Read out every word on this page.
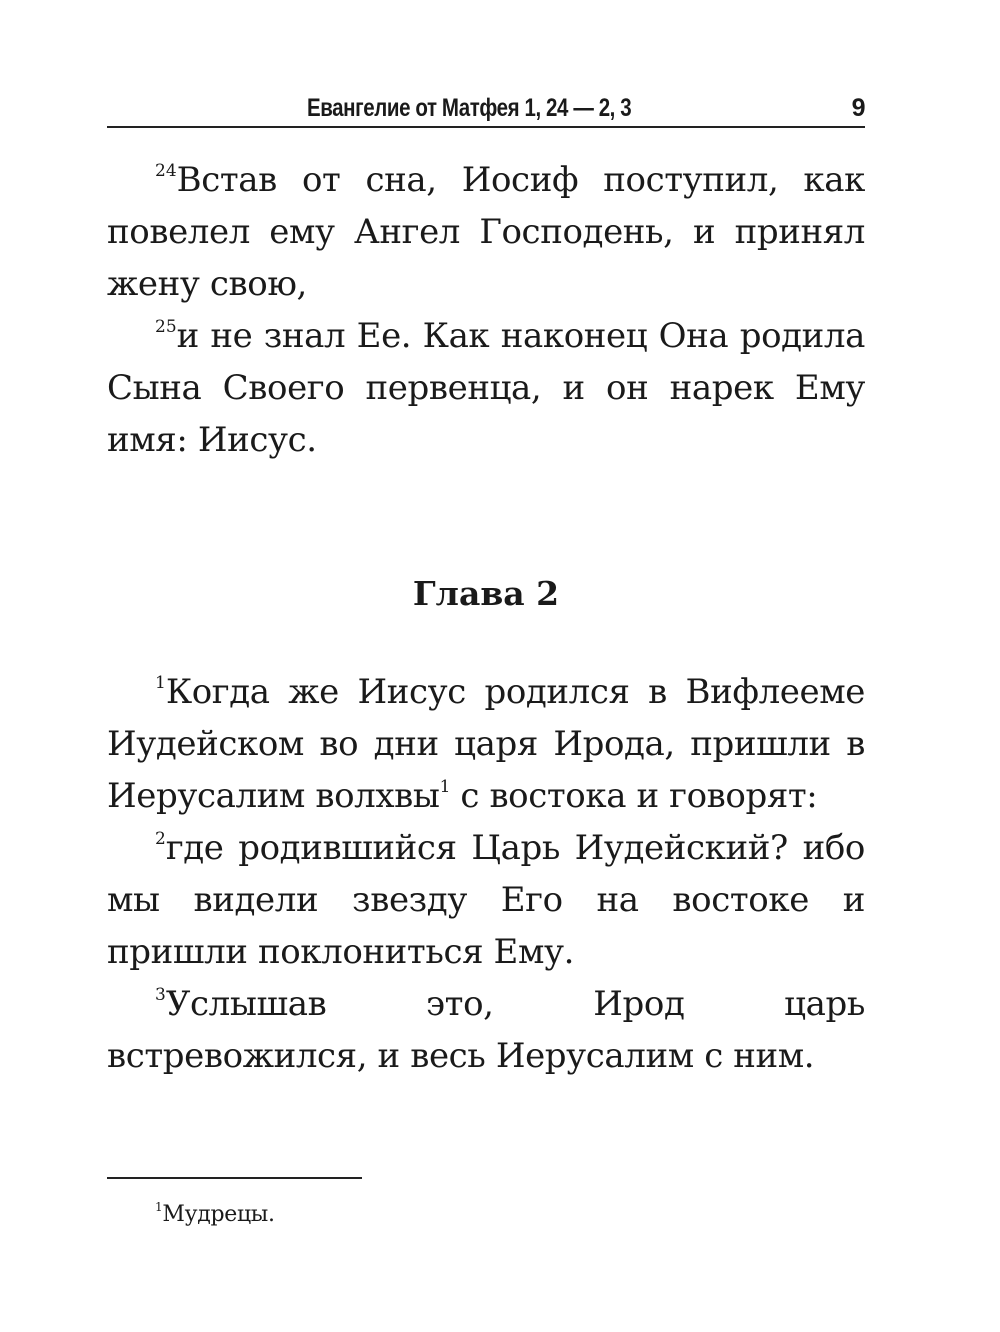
Евангелие от Матфея 1, 24 — 2, 3	9

$^{24}$Встав от сна, Иосиф поступил, как повелел ему Ангел Господень, и принял жену свою,

$^{25}$и не знал Ее. Как наконец Она родила Сына Своего первенца, и он нарек Ему имя: Иисус.

Глава 2

$^1$Когда же Иисус родился в Вифлееме Иудейском во дни царя Ирода, пришли в Иерусалим волхвы$^1$ с востока и говорят:

$^2$где родившийся Царь Иудейский? ибо мы видели звезду Его на востоке и пришли поклониться Ему.

$^3$Услышав это, Ирод царь встревожился, и весь Иерусалим с ним.

$^1$Мудрецы.
